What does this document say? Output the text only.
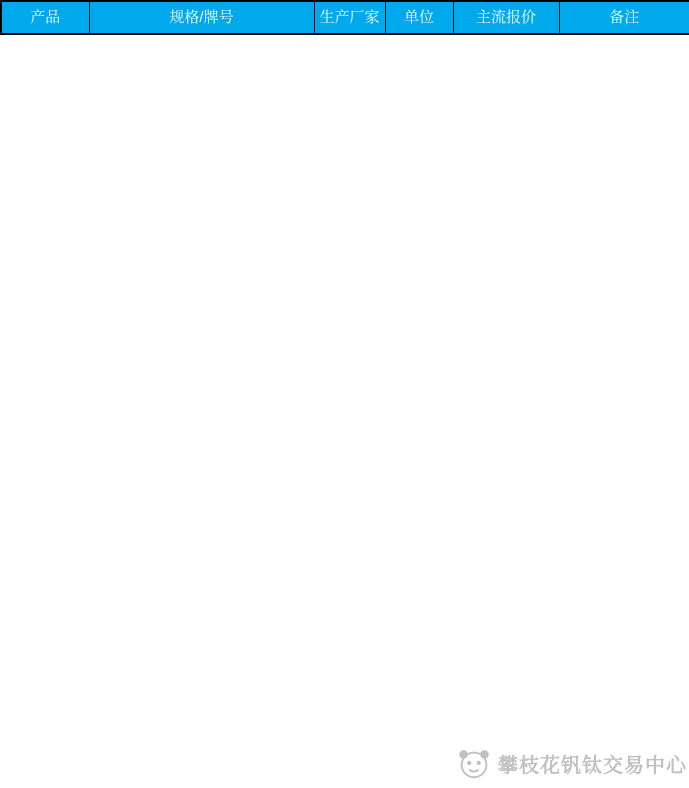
产品	规格/牌号	生产厂家	单位	主流报价	备注
攀枝花钒钛交易中心
